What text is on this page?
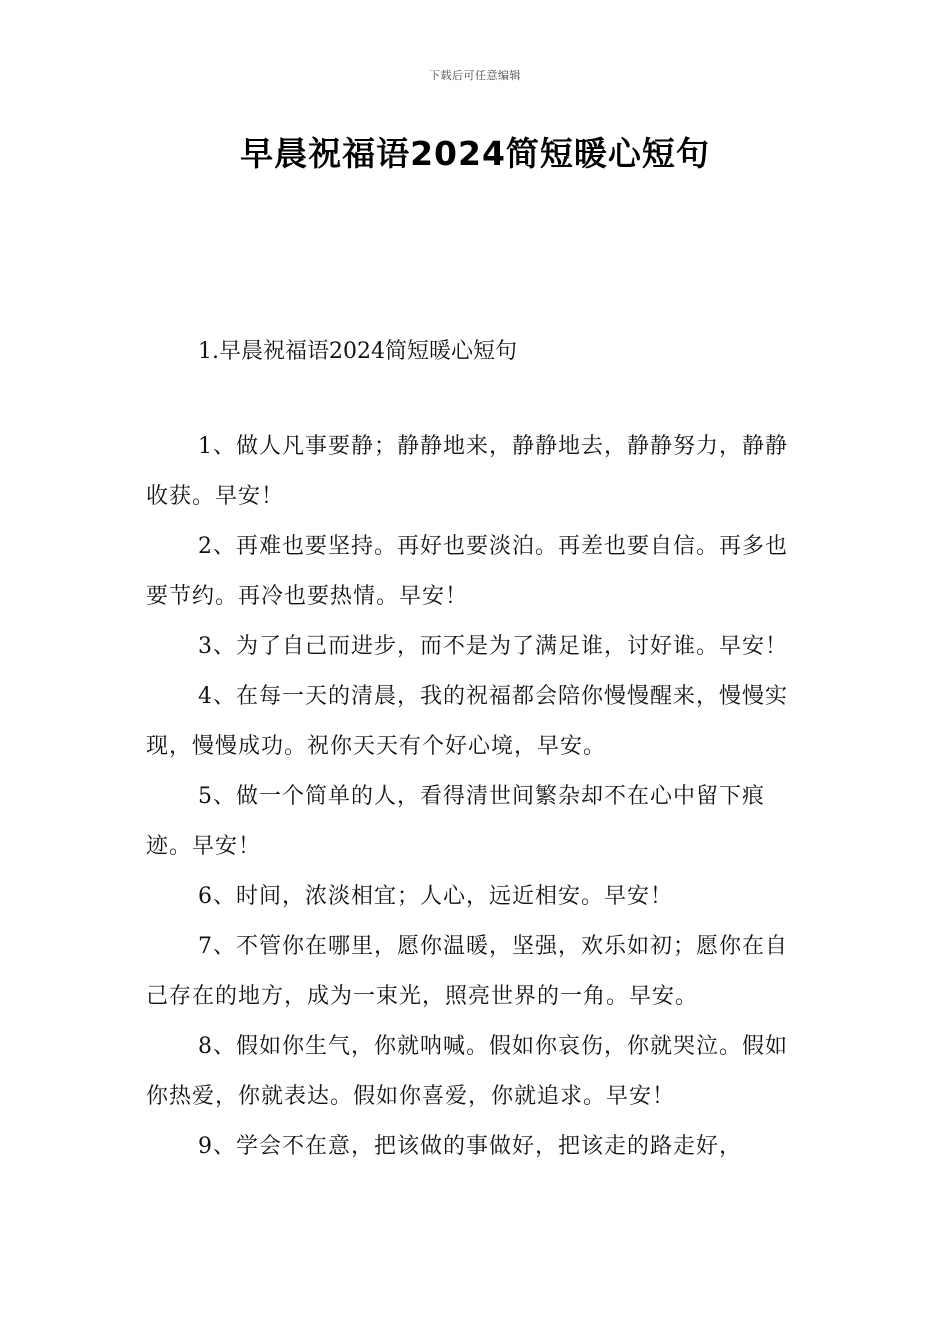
下载后可任意编辑
早晨祝福语2024简短暖心短句
1.早晨祝福语2024简短暖心短句

1、做人凡事要静；静静地来，静静地去，静静努力，静静收获。早安！

2、再难也要坚持。再好也要淡泊。再差也要自信。再多也要节约。再冷也要热情。早安！

3、为了自己而进步，而不是为了满足谁，讨好谁。早安！

4、在每一天的清晨，我的祝福都会陪你慢慢醒来，慢慢实现，慢慢成功。祝你天天有个好心境，早安。

5、做一个简单的人，看得清世间繁杂却不在心中留下痕迹。早安！

6、时间，浓淡相宜；人心，远近相安。早安！

7、不管你在哪里，愿你温暖，坚强，欢乐如初；愿你在自己存在的地方，成为一束光，照亮世界的一角。早安。

8、假如你生气，你就呐喊。假如你哀伤，你就哭泣。假如你热爱，你就表达。假如你喜爱，你就追求。早安！

9、学会不在意，把该做的事做好，把该走的路走好，
